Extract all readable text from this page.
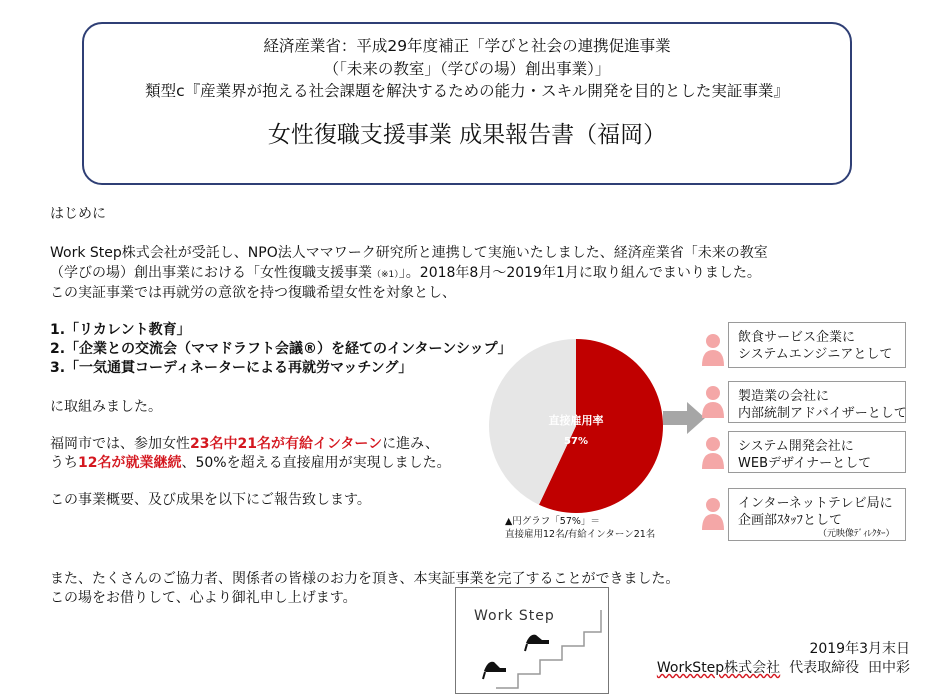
経済産業省：平成29年度補正「学びと社会の連携促進事業
（「未来の教室」（学びの場）創出事業）」
類型c『産業界が抱える社会課題を解決するための能力・スキル開発を目的とした実証事業』
女性復職支援事業 成果報告書（福岡）
はじめに
Work Step株式会社が受託し、NPO法人ママワーク研究所と連携して実施いたしました、経済産業省「未来の教室
（学びの場）創出事業における「女性復職支援事業（※1）」。2018年8月～2019年1月に取り組んでまいりました。
この実証事業では再就労の意欲を持つ復職希望女性を対象とし、
1.「リカレント教育」
2.「企業との交流会（ママドラフト会議®）を経てのインターンシップ」
3.「一気通貫コーディネーターによる再就労マッチング」
に取組みました。
福岡市では、参加女性23名中21名が有給インターンに進み、
うち12名が就業継続、50%を超える直接雇用が実現しました。
この事業概要、及び成果を以下にご報告致します。
直接雇用率
57%
▲円グラフ「57%」＝
直接雇用12名/有給インターン21名
飲食サービス企業に
システムエンジニアとして
製造業の会社に
内部統制アドバイザーとして
システム開発会社に
WEBデザイナーとして
インターネットテレビ局に
企画部ｽﾀｯﾌとして
（元映像ﾃﾞｨﾚｸﾀｰ）
また、たくさんのご協力者、関係者の皆様のお力を頂き、本実証事業を完了することができました。
この場をお借りして、心より御礼申し上げます。
Work Step
2019年3月末日
WorkStep株式会社 代表取締役 田中彩
